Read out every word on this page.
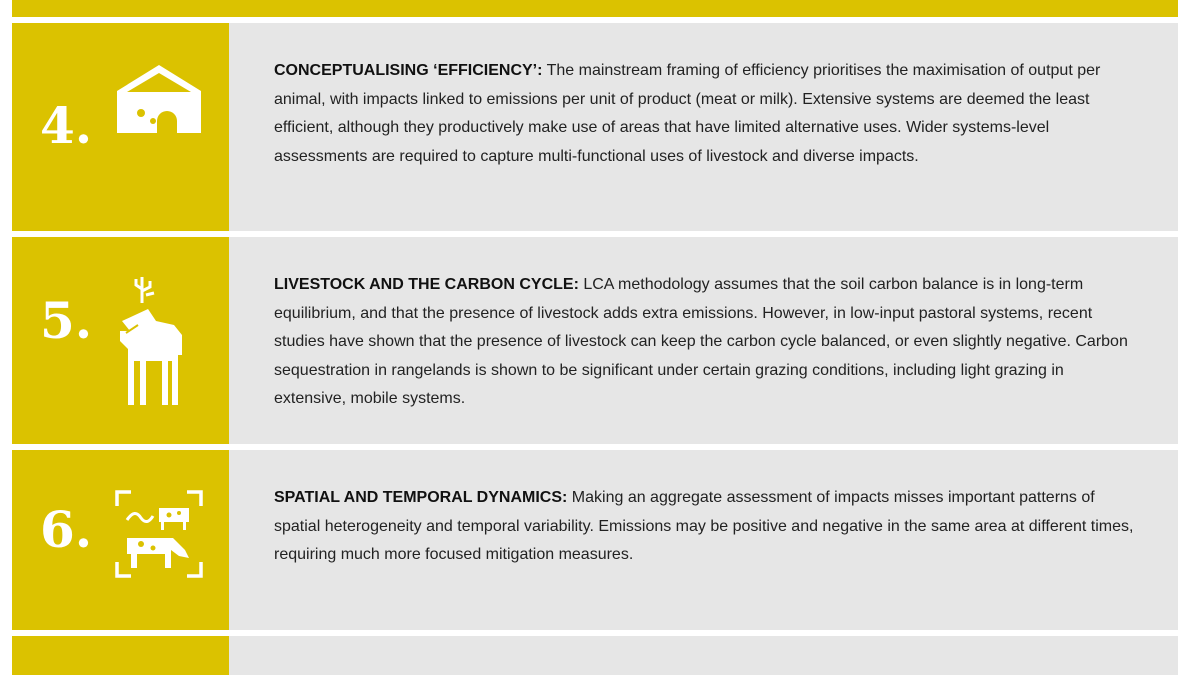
4.
CONCEPTUALISING ‘EFFICIENCY’: The mainstream framing of efficiency prioritises the maximisation of output per animal, with impacts linked to emissions per unit of product (meat or milk). Extensive systems are deemed the least efficient, although they productively make use of areas that have limited alternative uses. Wider systems-level assessments are required to capture multi-functional uses of livestock and diverse impacts.
5.
LIVESTOCK AND THE CARBON CYCLE: LCA methodology assumes that the soil carbon balance is in long-term equilibrium, and that the presence of livestock adds extra emissions. However, in low-input pastoral systems, recent studies have shown that the presence of livestock can keep the carbon cycle balanced, or even slightly negative. Carbon sequestration in rangelands is shown to be significant under certain grazing conditions, including light grazing in extensive, mobile systems.
6.
SPATIAL AND TEMPORAL DYNAMICS: Making an aggregate assessment of impacts misses important patterns of spatial heterogeneity and temporal variability. Emissions may be positive and negative in the same area at different times, requiring much more focused mitigation measures.
